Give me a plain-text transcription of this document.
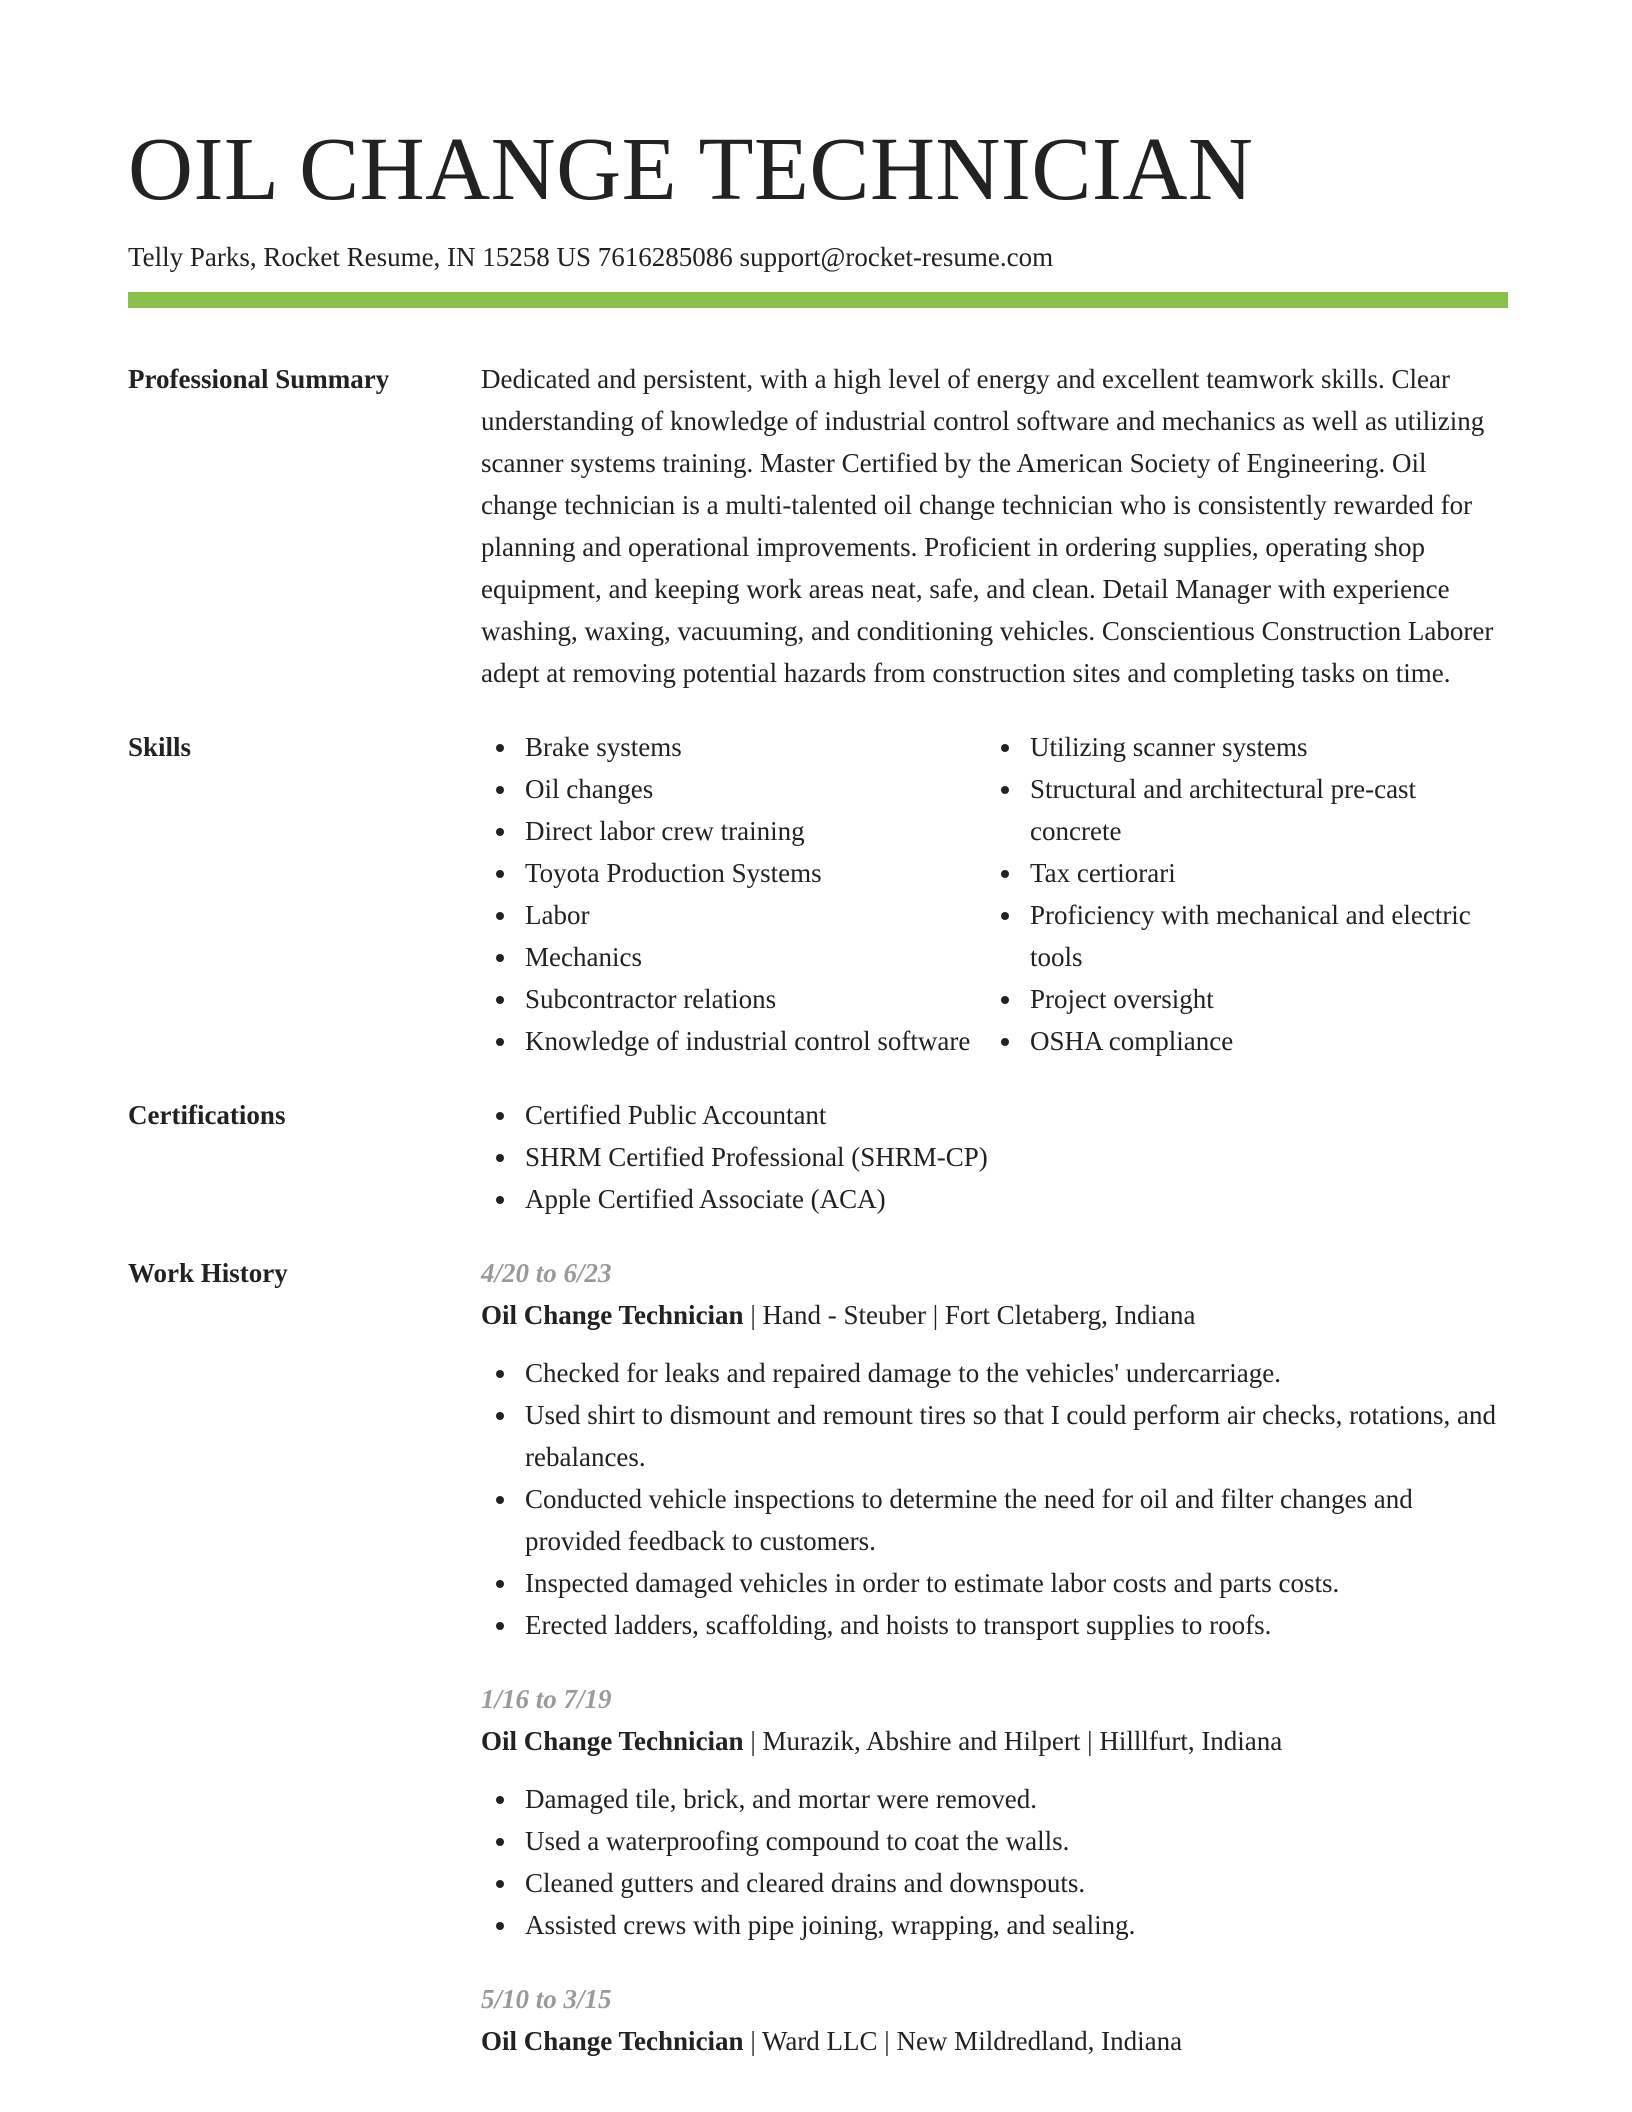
OIL CHANGE TECHNICIAN
Telly Parks, Rocket Resume, IN 15258 US 7616285086 support@rocket-resume.com
Professional Summary	Dedicated and persistent, with a high level of energy and excellent teamwork skills. Clear understanding of knowledge of industrial control software and mechanics as well as utilizing scanner systems training. Master Certified by the American Society of Engineering. Oil change technician is a multi-talented oil change technician who is consistently rewarded for planning and operational improvements. Proficient in ordering supplies, operating shop equipment, and keeping work areas neat, safe, and clean. Detail Manager with experience washing, waxing, vacuuming, and conditioning vehicles. Conscientious Construction Laborer adept at removing potential hazards from construction sites and completing tasks on time.

Skills	Brake systems
Oil changes
Direct labor crew training
Toyota Production Systems
Labor
Mechanics
Subcontractor relations
Knowledge of industrial control software
Utilizing scanner systems
Structural and architectural pre-cast concrete
Tax certiorari
Proficiency with mechanical and electric tools
Project oversight
OSHA compliance
Certifications	Certified Public Accountant
SHRM Certified Professional (SHRM-CP)
Apple Certified Associate (ACA)
Work History	4/20 to 6/23
Oil Change Technician | Hand - Steuber | Fort Cletaberg, Indiana
Checked for leaks and repaired damage to the vehicles' undercarriage.
Used shirt to dismount and remount tires so that I could perform air checks, rotations, and rebalances.
Conducted vehicle inspections to determine the need for oil and filter changes and provided feedback to customers.
Inspected damaged vehicles in order to estimate labor costs and parts costs.
Erected ladders, scaffolding, and hoists to transport supplies to roofs.
1/16 to 7/19
Oil Change Technician | Murazik, Abshire and Hilpert | Hilllfurt, Indiana
Damaged tile, brick, and mortar were removed.
Used a waterproofing compound to coat the walls.
Cleaned gutters and cleared drains and downspouts.
Assisted crews with pipe joining, wrapping, and sealing.
5/10 to 3/15
Oil Change Technician | Ward LLC | New Mildredland, Indiana
